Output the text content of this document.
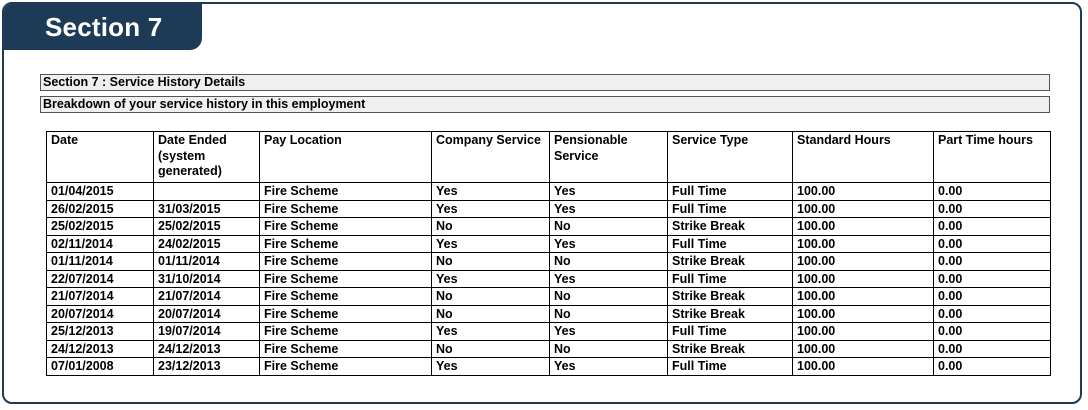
Section 7
Section 7 : Service History Details
Breakdown of your service history in this employment
Date	Date Ended (system generated)	Pay Location	Company Service	Pensionable Service	Service Type	Standard Hours	Part Time hours
01/04/2015		Fire Scheme	Yes	Yes	Full Time	100.00	0.00
26/02/2015	31/03/2015	Fire Scheme	Yes	Yes	Full Time	100.00	0.00
25/02/2015	25/02/2015	Fire Scheme	No	No	Strike Break	100.00	0.00
02/11/2014	24/02/2015	Fire Scheme	Yes	Yes	Full Time	100.00	0.00
01/11/2014	01/11/2014	Fire Scheme	No	No	Strike Break	100.00	0.00
22/07/2014	31/10/2014	Fire Scheme	Yes	Yes	Full Time	100.00	0.00
21/07/2014	21/07/2014	Fire Scheme	No	No	Strike Break	100.00	0.00
20/07/2014	20/07/2014	Fire Scheme	No	No	Strike Break	100.00	0.00
25/12/2013	19/07/2014	Fire Scheme	Yes	Yes	Full Time	100.00	0.00
24/12/2013	24/12/2013	Fire Scheme	No	No	Strike Break	100.00	0.00
07/01/2008	23/12/2013	Fire Scheme	Yes	Yes	Full Time	100.00	0.00
